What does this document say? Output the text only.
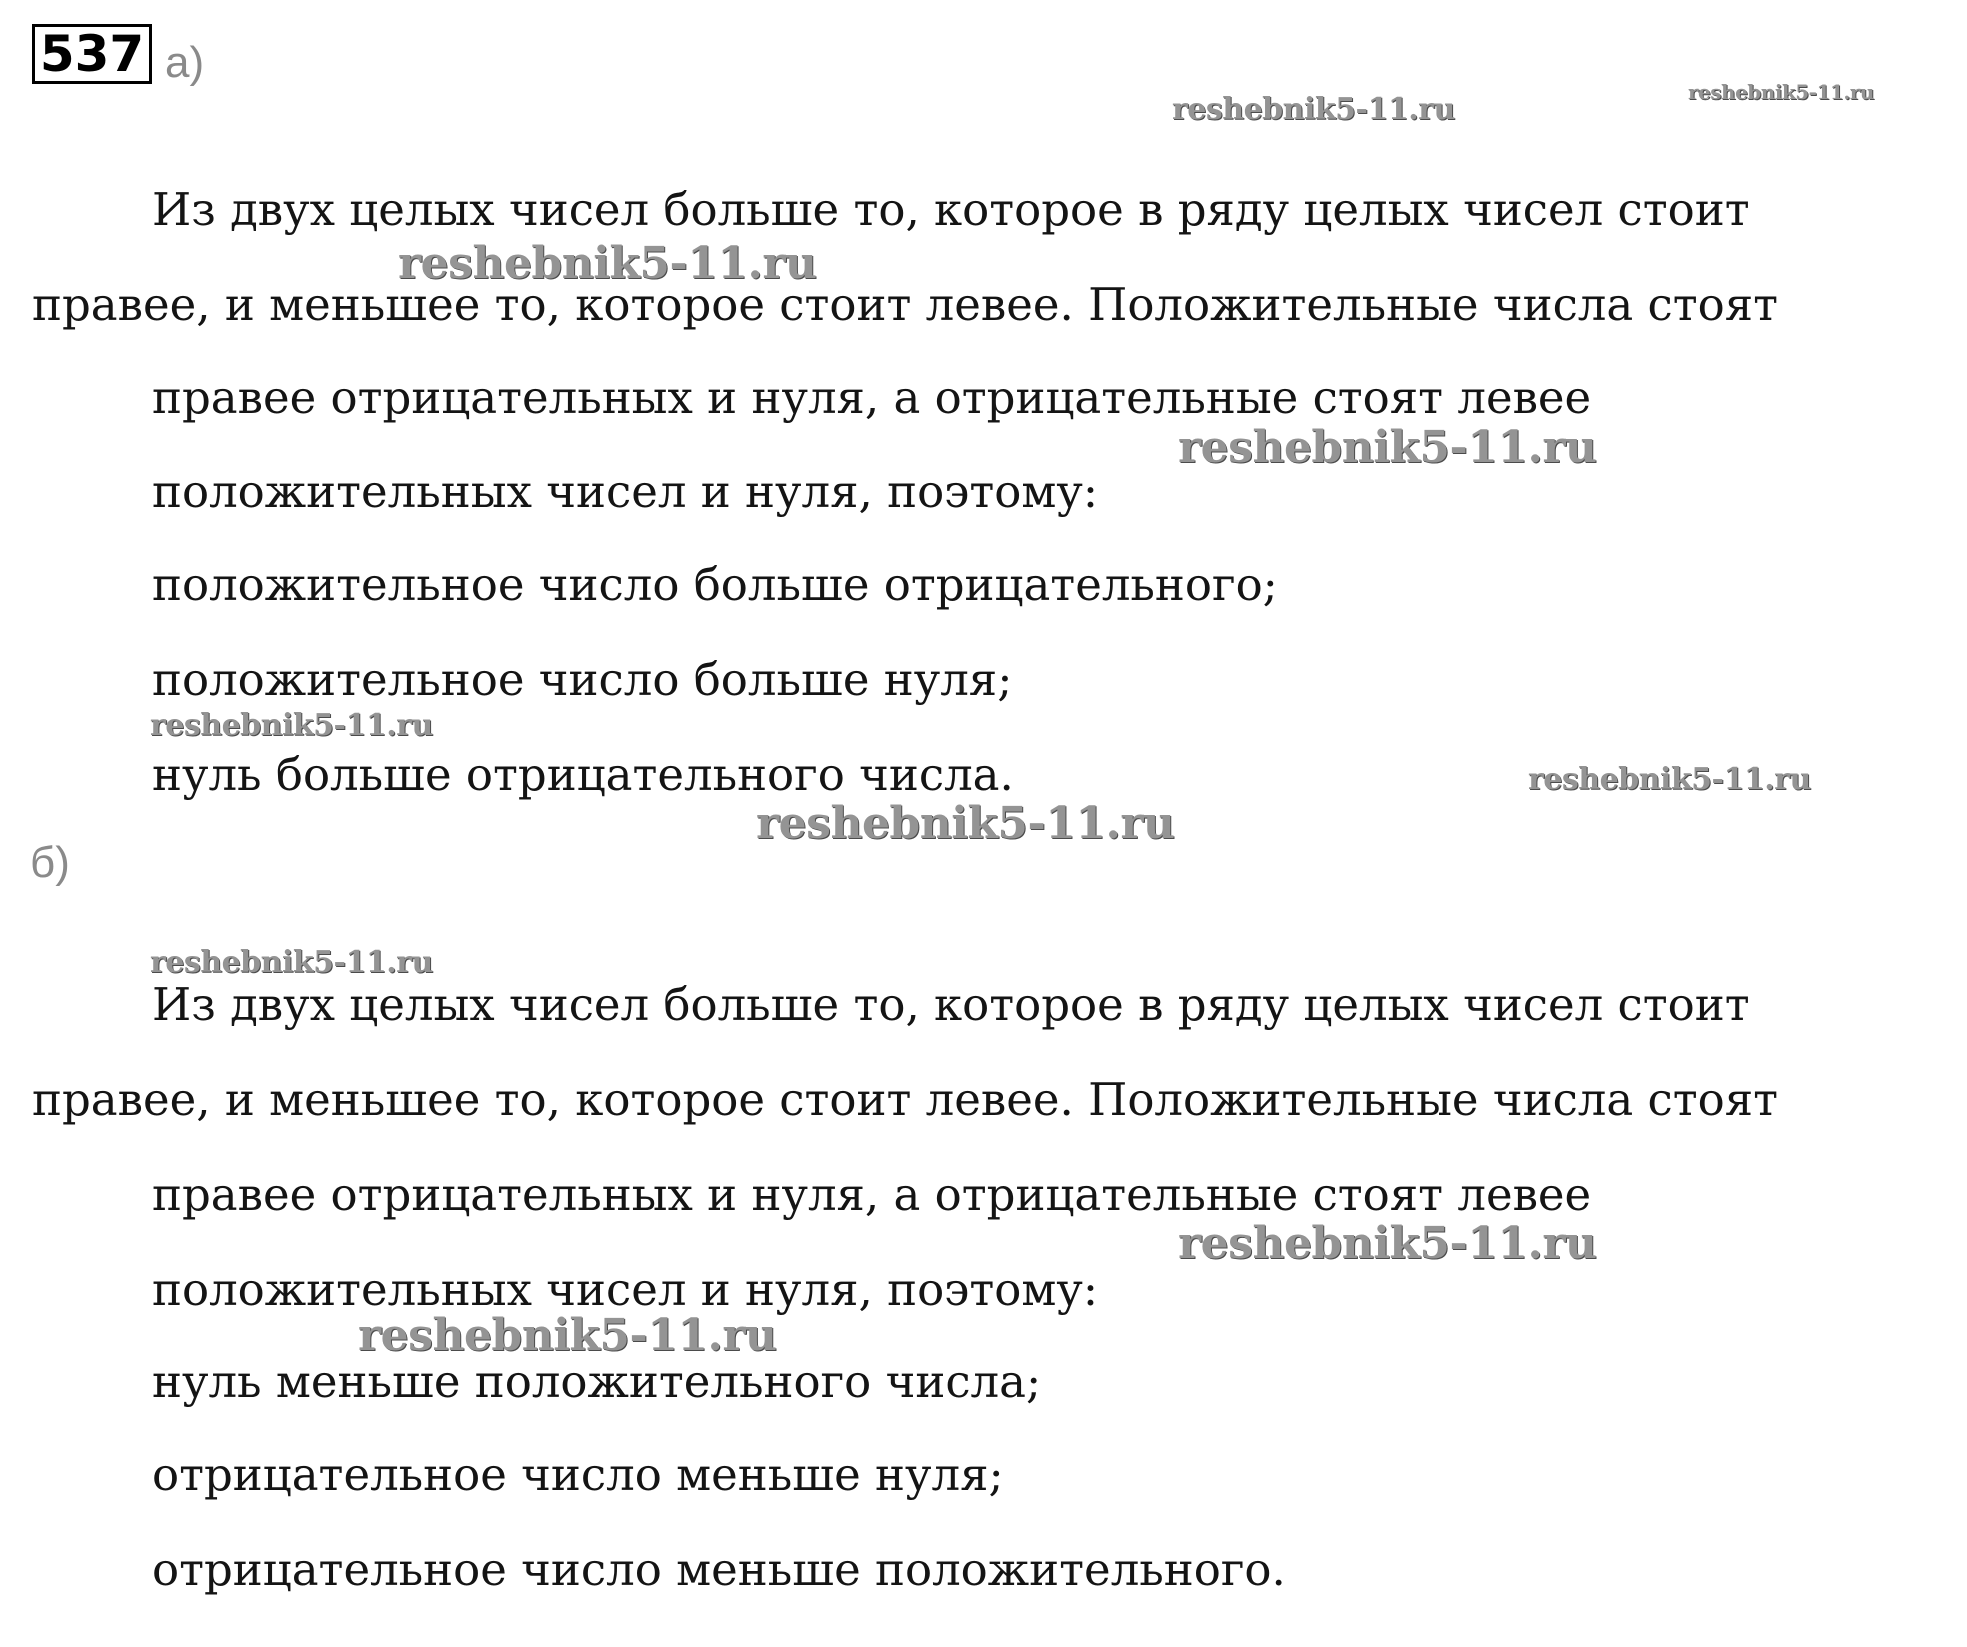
537 а)
Из двух целых чисел больше то, которое в ряду целых чисел стоит
правее, и меньшее то, которое стоит левее. Положительные числа стоят
правее отрицательных и нуля, а отрицательные стоят левее
положительных чисел и нуля, поэтому:
положительное число больше отрицательного;
положительное число больше нуля;
нуль больше отрицательного числа.
б)
Из двух целых чисел больше то, которое в ряду целых чисел стоит
правее, и меньшее то, которое стоит левее. Положительные числа стоят
правее отрицательных и нуля, а отрицательные стоят левее
положительных чисел и нуля, поэтому:
нуль меньше положительного числа;
отрицательное число меньше нуля;
отрицательное число меньше положительного.
reshebnik5-11.ru	reshebnik5-11.ru
reshebnik5-11.ru
reshebnik5-11.ru
reshebnik5-11.ru
reshebnik5-11.ru
reshebnik5-11.ru
reshebnik5-11.ru
reshebnik5-11.ru
reshebnik5-11.ru
